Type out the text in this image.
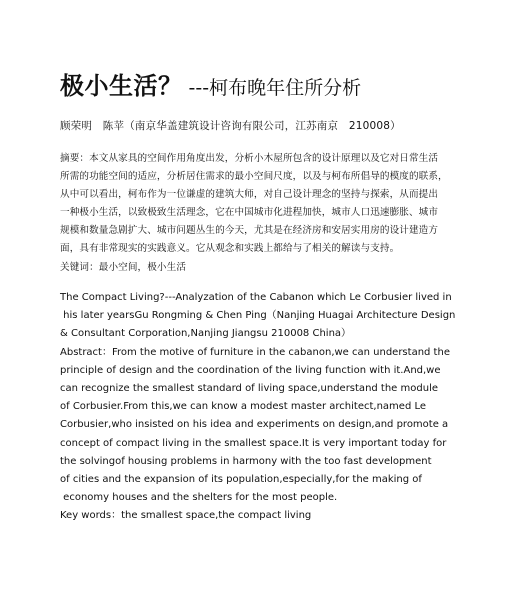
极小生活？ ---柯布晚年住所分析
顾荣明　陈苹（南京华盖建筑设计咨询有限公司，江苏南京　210008）
摘要：本文从家具的空间作用角度出发，分析小木屋所包含的设计原理以及它对日常生活
所需的功能空间的适应，分析居住需求的最小空间尺度，以及与柯布所倡导的模度的联系，
从中可以看出，柯布作为一位谦虚的建筑大师，对自己设计理念的坚持与探索，从而提出
一种极小生活，以致极致生活理念，它在中国城市化进程加快，城市人口迅速膨胀、城市
规模和数量急剧扩大、城市问题丛生的今天，尤其是在经济房和安居实用房的设计建造方
面，具有非常现实的实践意义。它从观念和实践上都给与了相关的解读与支持。
关键词：最小空间，极小生活
The Compact Living?---Analyzation of the Cabanon which Le Corbusier lived in
his later yearsGu Rongming & Chen Ping（Nanjing Huagai Architecture Design
& Consultant Corporation,Nanjing Jiangsu 210008 China）
Abstract：From the motive of furniture in the cabanon,we can understand the
principle of design and the coordination of the living function with it.And,we
can recognize the smallest standard of living space,understand the module
of Corbusier.From this,we can know a modest master architect,named Le
Corbusier,who insisted on his idea and experiments on design,and promote a
concept of compact living in the smallest space.It is very important today for
the solvingof housing problems in harmony with the too fast development
of cities and the expansion of its population,especially,for the making of
economy houses and the shelters for the most people.
Key words：the smallest space,the compact living
